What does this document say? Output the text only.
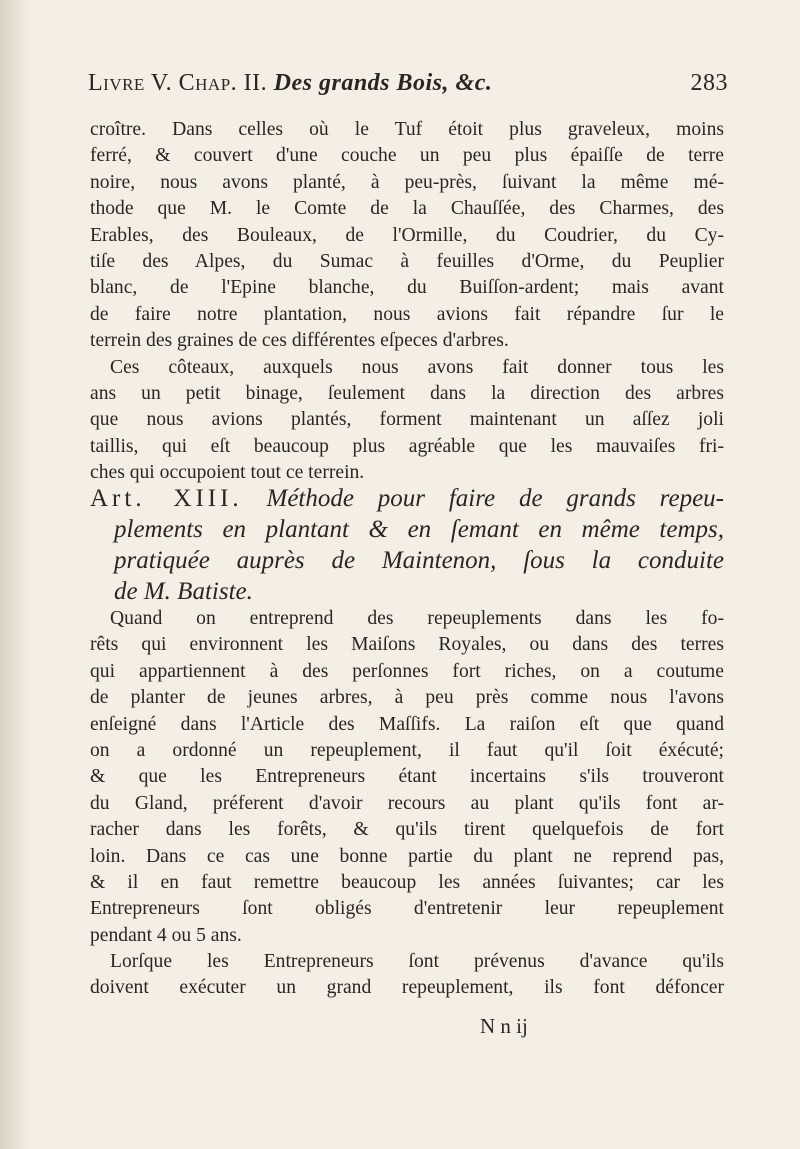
Livre V. Chap. II. Des grands Bois, &c.	283
croître. Dans celles où le Tuf étoit plus graveleux, moins
ferré, & couvert d'une couche un peu plus épaiſſe de terre
noire, nous avons planté, à peu-près, ſuivant la même mé-
thode que M. le Comte de la Chauſſée, des Charmes, des
Erables, des Bouleaux, de l'Ormille, du Coudrier, du Cy-
tiſe des Alpes, du Sumac à feuilles d'Orme, du Peuplier
blanc, de l'Epine blanche, du Buiſſon-ardent; mais avant
de faire notre plantation, nous avions fait répandre ſur le
terrein des graines de ces différentes eſpeces d'arbres.
Ces côteaux, auxquels nous avons fait donner tous les
ans un petit binage, ſeulement dans la direction des arbres
que nous avions plantés, forment maintenant un aſſez joli
taillis, qui eſt beaucoup plus agréable que les mauvaiſes fri-
ches qui occupoient tout ce terrein.
Art. XIII. Méthode pour faire de grands repeu-
plements en plantant & en ſemant en même temps,
pratiquée auprès de Maintenon, ſous la conduite
de M. Batiste.
Quand on entreprend des repeuplements dans les fo-
rêts qui environnent les Maiſons Royales, ou dans des terres
qui appartiennent à des perſonnes fort riches, on a coutume
de planter de jeunes arbres, à peu près comme nous l'avons
enſeigné dans l'Article des Maſſifs. La raiſon eſt que quand
on a ordonné un repeuplement, il faut qu'il ſoit éxécuté;
& que les Entrepreneurs étant incertains s'ils trouveront
du Gland, préferent d'avoir recours au plant qu'ils font ar-
racher dans les forêts, & qu'ils tirent quelquefois de fort
loin. Dans ce cas une bonne partie du plant ne reprend pas,
& il en faut remettre beaucoup les années ſuivantes; car les
Entrepreneurs ſont obligés d'entretenir leur repeuplement
pendant 4 ou 5 ans.
Lorſque les Entrepreneurs ſont prévenus d'avance qu'ils
doivent exécuter un grand repeuplement, ils font défoncer
N n ij
